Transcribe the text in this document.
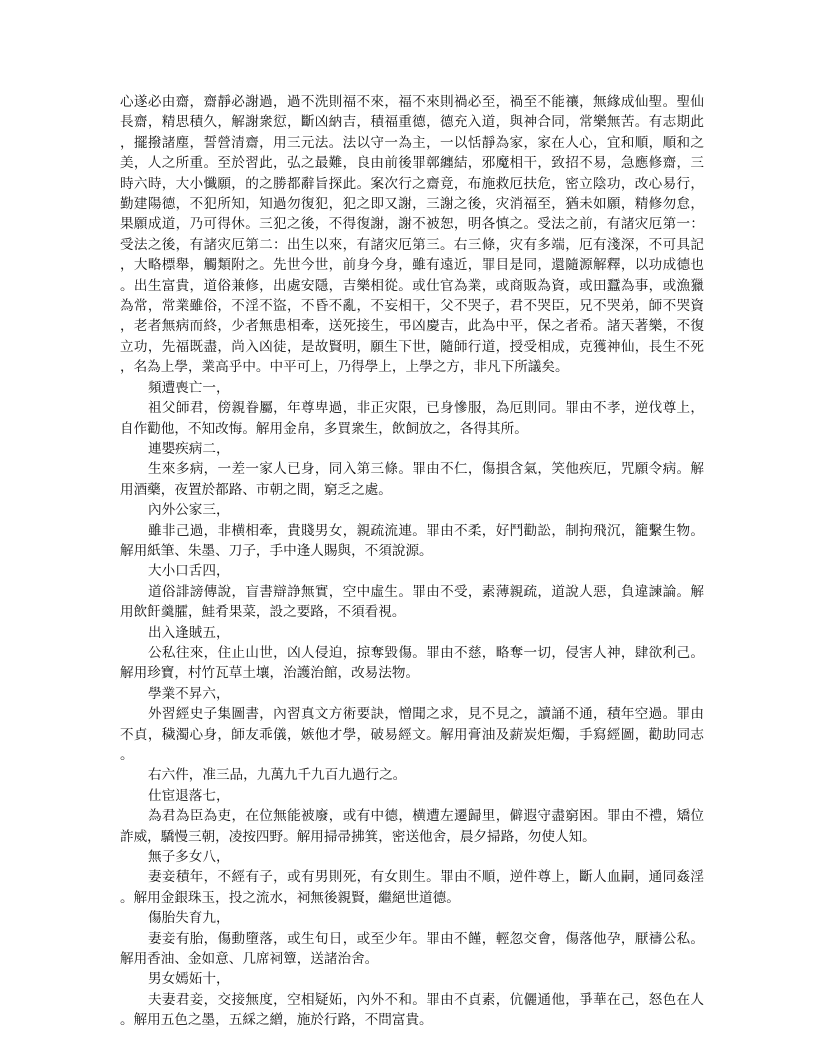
心遂必由齋，齋靜必謝過，過不洗則福不來，福不來則禍必至，禍至不能禳，無緣成仙聖。聖仙長齋，精思積久，解謝衆愆，斷凶納吉，積福重德，德充入道，與神合同，常樂無苦。有志期此，擺撥諸塵，誓營清齋，用三元法。法以守一為主，一以恬靜為家，家在人心，宜和順，順和之美，人之所重。至於習此，弘之最難，良由前後罪鄣纏結，邪魔相干，致招不易，急應修齋，三時六時，大小懺願，的之勝都辭旨探此。案次行之齋竟，布施救厄扶危，密立陰功，改心易行，勤建陽德，不犯所知，知過勿復犯，犯之即又謝，三謝之後，灾消福至，猶未如願，精修勿怠，果願成道，乃可得休。三犯之後，不得復謝，謝不被恕，明各慎之。受法之前，有諸灾厄第一：受法之後，有諸灾厄第二：出生以來，有諸灾厄第三。右三條，灾有多端，厄有淺深，不可具記，大略標舉，觸類附之。先世今世，前身今身，雖有遠近，罪目是同，還隨源解釋，以功成德也。出生富貴，道俗兼修，出處安隱，吉樂相從。或仕官為業，或商販為資，或田蠶為事，或漁獵為常，常業雖俗，不淫不盜，不昏不亂，不妄相干，父不哭子，君不哭臣，兄不哭弟，師不哭資，老者無病而終，少者無患相牽，送死接生，弔凶慶吉，此為中平，保之者希。諸天著樂，不復立功，先福既盡，尚入凶徒，是故賢明，願生下世，隨師行道，授受相成，克獲神仙，長生不死，名為上學，業高乎中。中平可上，乃得學上，上學之方，非凡下所議矣。

頻遭喪亡一，

祖父師君，傍親眷屬，年尊卑過，非正灾限，已身慘服，為厄則同。罪由不孝，逆伐尊上，自作勸他，不知改悔。解用金帛，多買衆生，飲飼放之，各得其所。

連嬰疾病二，

生來多病，一差一家人已身，同入第三條。罪由不仁，傷損含氣，笑他疾厄，咒願令病。解用酒藥，夜置於都路、市朝之間，窮乏之處。

內外公家三，

雖非己過，非横相牽，貴賤男女，親疏流連。罪由不柔，好鬥勸訟，制拘飛沉，籠繫生物。解用紙筆、朱墨、刀子，手中逢人賜與，不須說源。

大小口舌四，

道俗誹謗傳說，盲書辯諍無實，空中虛生。罪由不受，素薄親疏，道說人惡，負違諫論。解用飲飦羹臛，鮭肴果菜，設之要路，不須看視。

出入逢賊五，

公私往來，住止山世，凶人侵迫，掠奪毀傷。罪由不慈，略奪一切，侵害人神，肆欲利己。解用珍寶，村竹瓦草土壤，治護治館，改易法物。

學業不昇六，

外習經史子集圖書，內習真文方術要訣，憎聞之求，見不見之，讀誦不通，積年空過。罪由不貞，穢濁心身，師友乖儀，嫉他才學，破易經文。解用膏油及薪炭炬燭，手寫經圖，勸助同志。

右六件，准三品，九萬九千九百九過行之。

仕宦退落七，

為君為臣為吏，在位無能被廢，或有中德，横遭左遷歸里，僻遐守盡窮困。罪由不禮，矯位詐威，驕慢三朝，凌按四野。解用掃帚拂箕，密送他舍，晨夕掃路，勿使人知。

無子多女八，

妻妾積年，不經有子，或有男則死，有女則生。罪由不順，逆件尊上，斷人血嗣，通同姦淫。解用金銀珠玉，投之流水，祠無後親賢，繼絕世道德。

傷胎失育九，

妻妾有胎，傷動墮落，或生旬日，或至少年。罪由不饉，輕忽交會，傷落他孕，厭禱公私。解用香油、金如意、几席祠簟，送諸治舍。

男女嫣妬十，

夫妻君妾，交接無度，空相疑妬，內外不和。罪由不貞素，伉儷通他，爭華在己，怒色在人。解用五色之墨，五綵之繒，施於行路，不問富貴。
